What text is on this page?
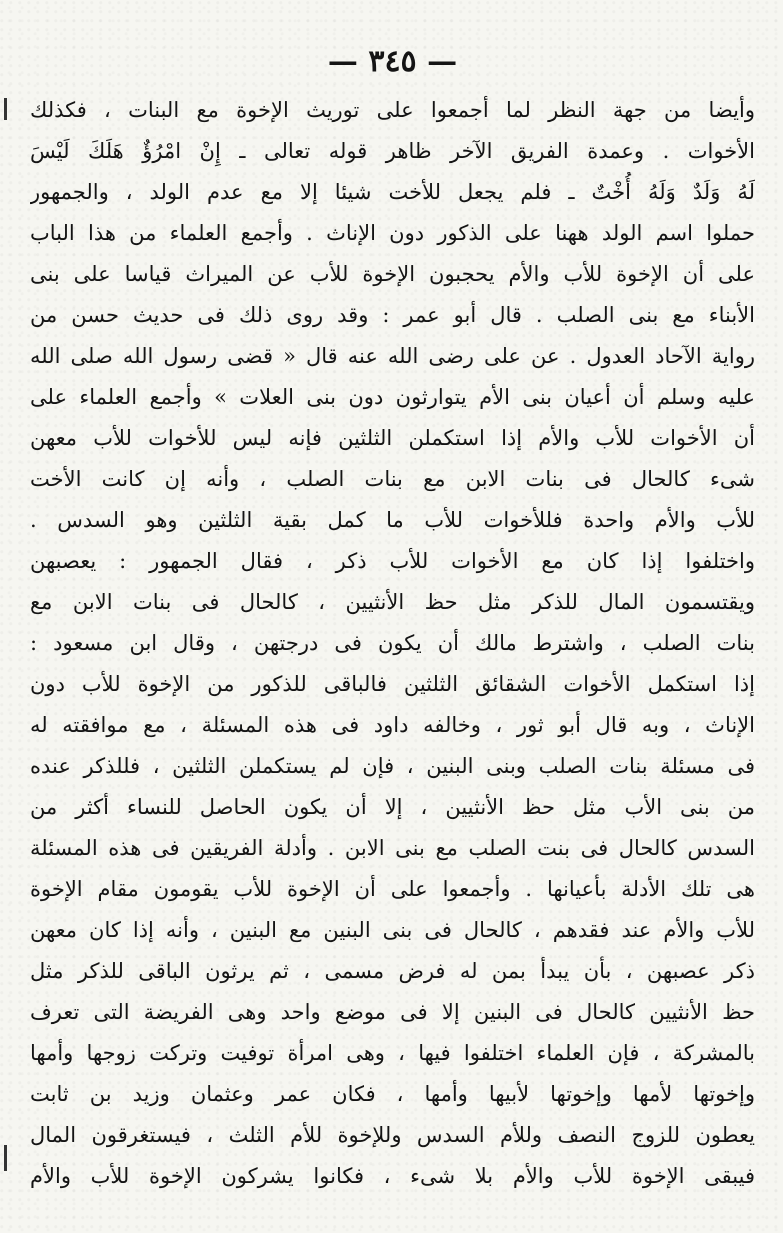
— ٣٤٥ —
وأيضا من جهة النظر لما أجمعوا على توريث الإخوة مع البنات ، فكذلك
الأخوات . وعمدة الفريق الآخر ظاهر قوله تعالى ـ إِنْ امْرُؤٌ هَلَكَ لَيْسَ
لَهُ وَلَدٌ وَلَهُ أُخْتٌ ـ فلم يجعل للأخت شيئا إلا مع عدم الولد ، والجمهور
حملوا اسم الولد ههنا على الذكور دون الإناث . وأجمع العلماء من هذا الباب
على أن الإخوة للأب والأم يحجبون الإخوة للأب عن الميراث قياسا على بنى
الأبناء مع بنى الصلب . قال أبو عمر : وقد روى ذلك فى حديث حسن من
رواية الآحاد العدول . عن على رضى الله عنه قال « قضى رسول الله صلى الله
عليه وسلم أن أعيان بنى الأم يتوارثون دون بنى العلات » وأجمع العلماء على
أن الأخوات للأب والأم إذا استكملن الثلثين فإنه ليس للأخوات للأب معهن
شىء كالحال فى بنات الابن مع بنات الصلب ، وأنه إن كانت الأخت
للأب والأم واحدة فللأخوات للأب ما كمل بقية الثلثين وهو السدس .
واختلفوا إذا كان مع الأخوات للأب ذكر ، فقال الجمهور : يعصبهن
ويقتسمون المال للذكر مثل حظ الأنثيين ، كالحال فى بنات الابن مع
بنات الصلب ، واشترط مالك أن يكون فى درجتهن ، وقال ابن مسعود :
إذا استكمل الأخوات الشقائق الثلثين فالباقى للذكور من الإخوة للأب دون
الإناث ، وبه قال أبو ثور ، وخالفه داود فى هذه المسئلة ، مع موافقته له
فى مسئلة بنات الصلب وبنى البنين ، فإن لم يستكملن الثلثين ، فللذكر عنده
من بنى الأب مثل حظ الأنثيين ، إلا أن يكون الحاصل للنساء أكثر من
السدس كالحال فى بنت الصلب مع بنى الابن . وأدلة الفريقين فى هذه المسئلة
هى تلك الأدلة بأعيانها . وأجمعوا على أن الإخوة للأب يقومون مقام الإخوة
للأب والأم عند فقدهم ، كالحال فى بنى البنين مع البنين ، وأنه إذا كان معهن
ذكر عصبهن ، بأن يبدأ بمن له فرض مسمى ، ثم يرثون الباقى للذكر مثل
حظ الأنثيين كالحال فى البنين إلا فى موضع واحد وهى الفريضة التى تعرف
بالمشركة ، فإن العلماء اختلفوا فيها ، وهى امرأة توفيت وتركت زوجها وأمها
وإخوتها لأمها وإخوتها لأبيها وأمها ، فكان عمر وعثمان وزيد بن ثابت
يعطون للزوج النصف وللأم السدس وللإخوة للأم الثلث ، فيستغرقون المال
فيبقى الإخوة للأب والأم بلا شىء ، فكانوا يشركون الإخوة للأب والأم
